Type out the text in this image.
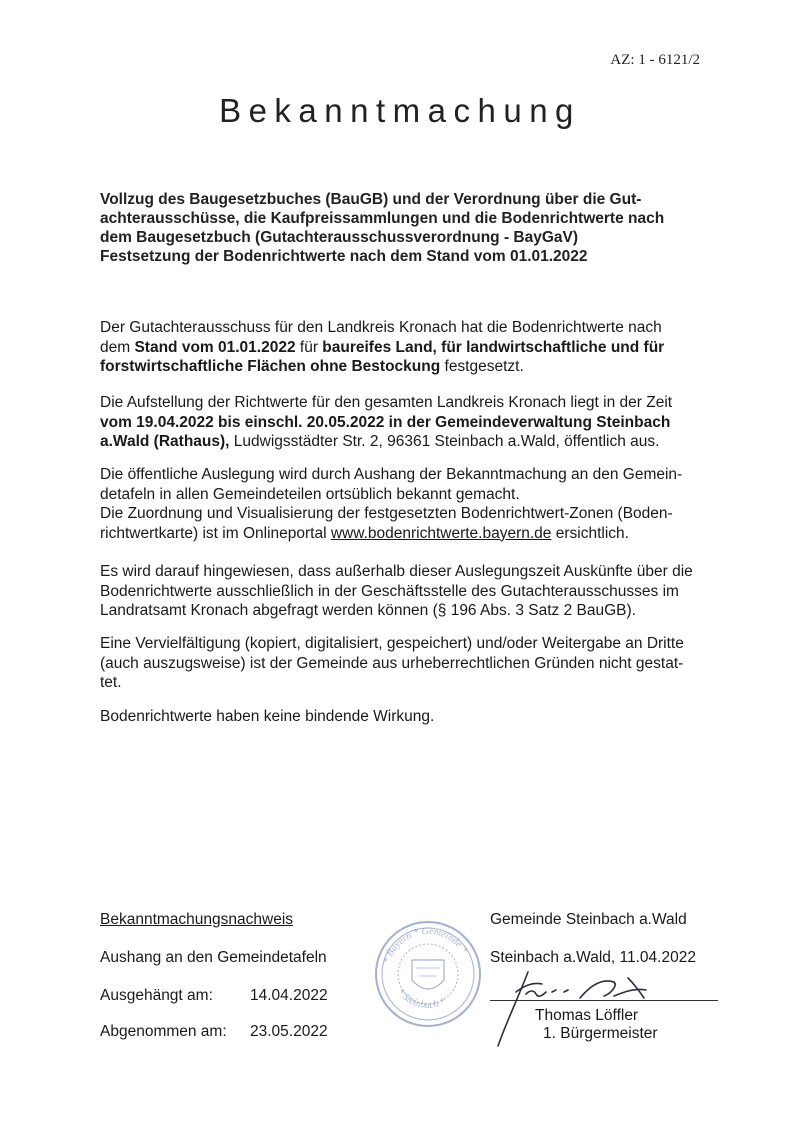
AZ: 1 - 6121/2
Bekanntmachung
Vollzug des Baugesetzbuches (BauGB) und der Verordnung über die Gut-
achterausschüsse, die Kaufpreissammlungen und die Bodenrichtwerte nach
dem Baugesetzbuch (Gutachterausschussverordnung - BayGaV)
Festsetzung der Bodenrichtwerte nach dem Stand vom 01.01.2022
Der Gutachterausschuss für den Landkreis Kronach hat die Bodenrichtwerte nach
dem Stand vom 01.01.2022 für baureifes Land, für landwirtschaftliche und für
forstwirtschaftliche Flächen ohne Bestockung festgesetzt.
Die Aufstellung der Richtwerte für den gesamten Landkreis Kronach liegt in der Zeit
vom 19.04.2022 bis einschl. 20.05.2022 in der Gemeindeverwaltung Steinbach
a.Wald (Rathaus), Ludwigsstädter Str. 2, 96361 Steinbach a.Wald, öffentlich aus.
Die öffentliche Auslegung wird durch Aushang der Bekanntmachung an den Gemein-
detafeln in allen Gemeindeteilen ortsüblich bekannt gemacht.
Die Zuordnung und Visualisierung der festgesetzten Bodenrichtwert-Zonen (Boden-
richtwertkarte) ist im Onlineportal www.bodenrichtwerte.bayern.de ersichtlich.
Es wird darauf hingewiesen, dass außerhalb dieser Auslegungszeit Auskünfte über die
Bodenrichtwerte ausschließlich in der Geschäftsstelle des Gutachterausschusses im
Landratsamt Kronach abgefragt werden können (§ 196 Abs. 3 Satz 2 BauGB).
Eine Vervielfältigung (kopiert, digitalisiert, gespeichert) und/oder Weitergabe an Dritte
(auch auszugsweise) ist der Gemeinde aus urheberrechtlichen Gründen nicht gestat-
tet.
Bodenrichtwerte haben keine bindende Wirkung.
Bekanntmachungsnachweis
Aushang an den Gemeindetafeln
Ausgehängt am: 14.04.2022
Abgenommen am: 23.05.2022
* Bayern * Gemeinde *
* Steinbach *
Gemeinde Steinbach a.Wald
Steinbach a.Wald, 11.04.2022
Thomas Löffler
1. Bürgermeister
